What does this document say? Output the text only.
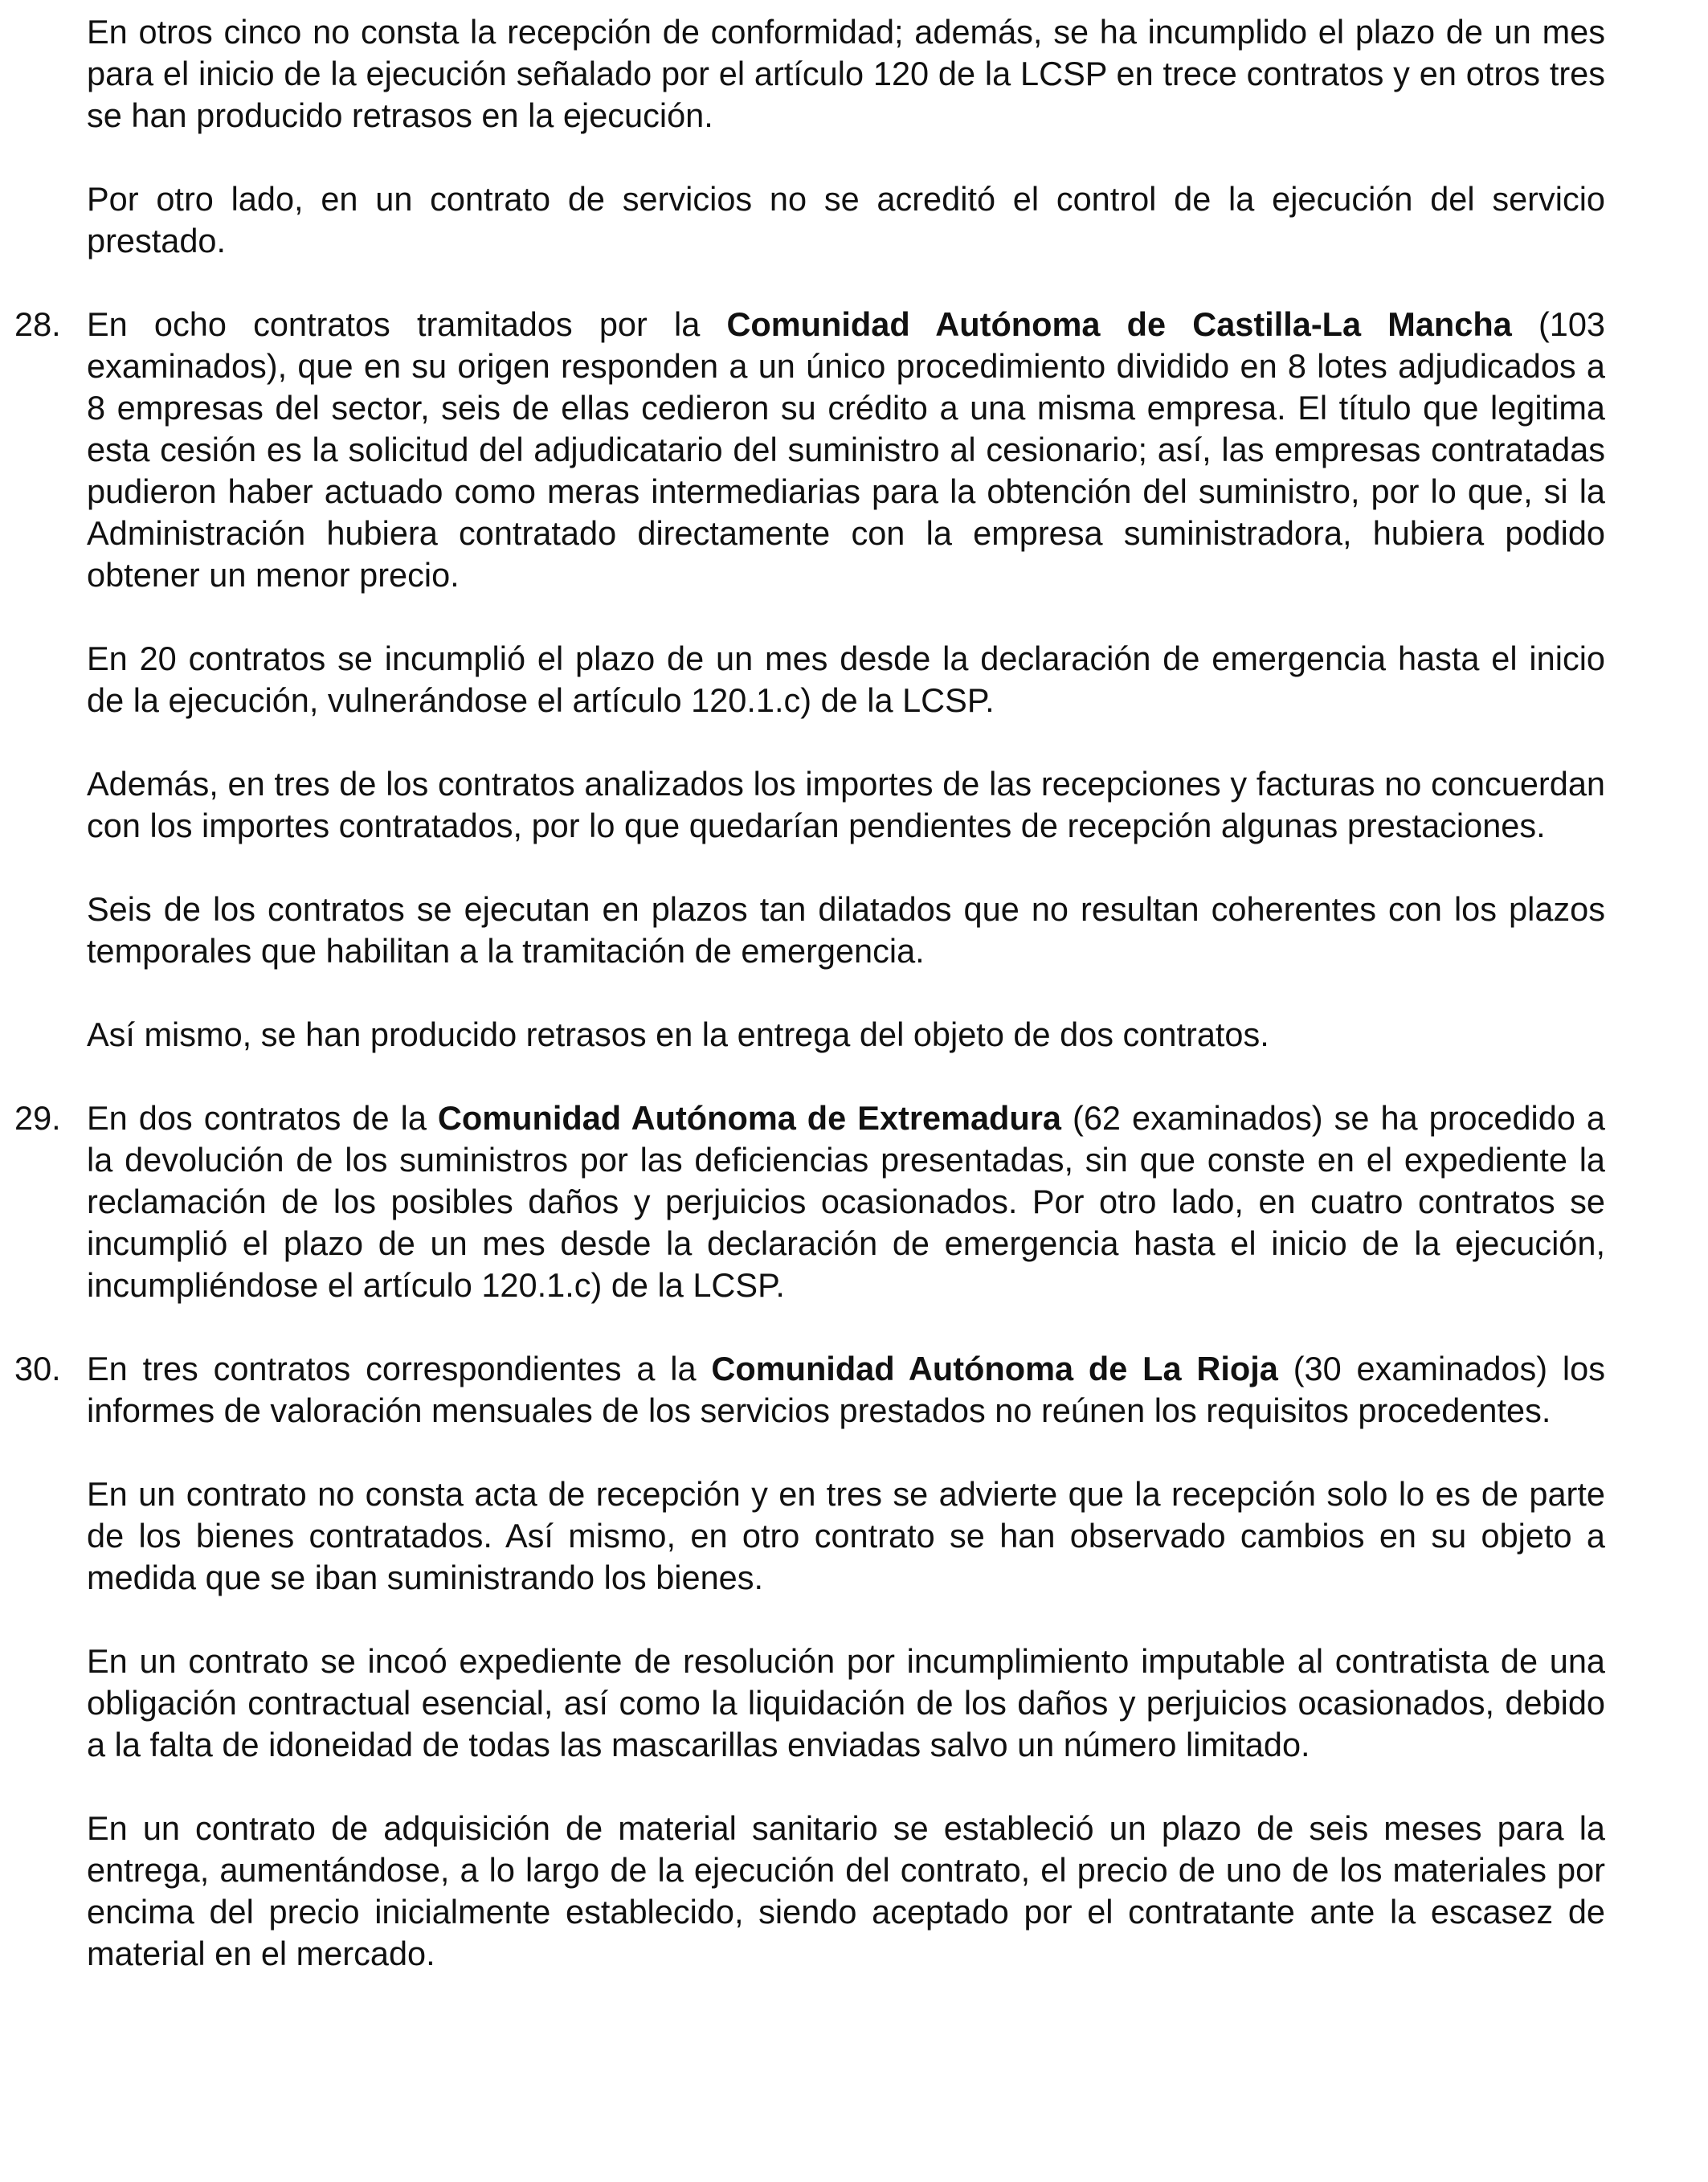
En otros cinco no consta la recepción de conformidad; además, se ha incumplido el plazo de un mes para el inicio de la ejecución señalado por el artículo 120 de la LCSP en trece contratos y en otros tres se han producido retrasos en la ejecución.

Por otro lado, en un contrato de servicios no se acreditó el control de la ejecución del servicio prestado.

28. En ocho contratos tramitados por la Comunidad Autónoma de Castilla-La Mancha (103 examinados), que en su origen responden a un único procedimiento dividido en 8 lotes adjudicados a 8 empresas del sector, seis de ellas cedieron su crédito a una misma empresa. El título que legitima esta cesión es la solicitud del adjudicatario del suministro al cesionario; así, las empresas contratadas pudieron haber actuado como meras intermediarias para la obtención del suministro, por lo que, si la Administración hubiera contratado directamente con la empresa suministradora, hubiera podido obtener un menor precio.

En 20 contratos se incumplió el plazo de un mes desde la declaración de emergencia hasta el inicio de la ejecución, vulnerándose el artículo 120.1.c) de la LCSP.

Además, en tres de los contratos analizados los importes de las recepciones y facturas no concuerdan con los importes contratados, por lo que quedarían pendientes de recepción algunas prestaciones.

Seis de los contratos se ejecutan en plazos tan dilatados que no resultan coherentes con los plazos temporales que habilitan a la tramitación de emergencia.

Así mismo, se han producido retrasos en la entrega del objeto de dos contratos.

29. En dos contratos de la Comunidad Autónoma de Extremadura (62 examinados) se ha procedido a la devolución de los suministros por las deficiencias presentadas, sin que conste en el expediente la reclamación de los posibles daños y perjuicios ocasionados. Por otro lado, en cuatro contratos se incumplió el plazo de un mes desde la declaración de emergencia hasta el inicio de la ejecución, incumpliéndose el artículo 120.1.c) de la LCSP.

30. En tres contratos correspondientes a la Comunidad Autónoma de La Rioja (30 examinados) los informes de valoración mensuales de los servicios prestados no reúnen los requisitos procedentes.

En un contrato no consta acta de recepción y en tres se advierte que la recepción solo lo es de parte de los bienes contratados. Así mismo, en otro contrato se han observado cambios en su objeto a medida que se iban suministrando los bienes.

En un contrato se incoó expediente de resolución por incumplimiento imputable al contratista de una obligación contractual esencial, así como la liquidación de los daños y perjuicios ocasionados, debido a la falta de idoneidad de todas las mascarillas enviadas salvo un número limitado.

En un contrato de adquisición de material sanitario se estableció un plazo de seis meses para la entrega, aumentándose, a lo largo de la ejecución del contrato, el precio de uno de los materiales por encima del precio inicialmente establecido, siendo aceptado por el contratante ante la escasez de material en el mercado.
